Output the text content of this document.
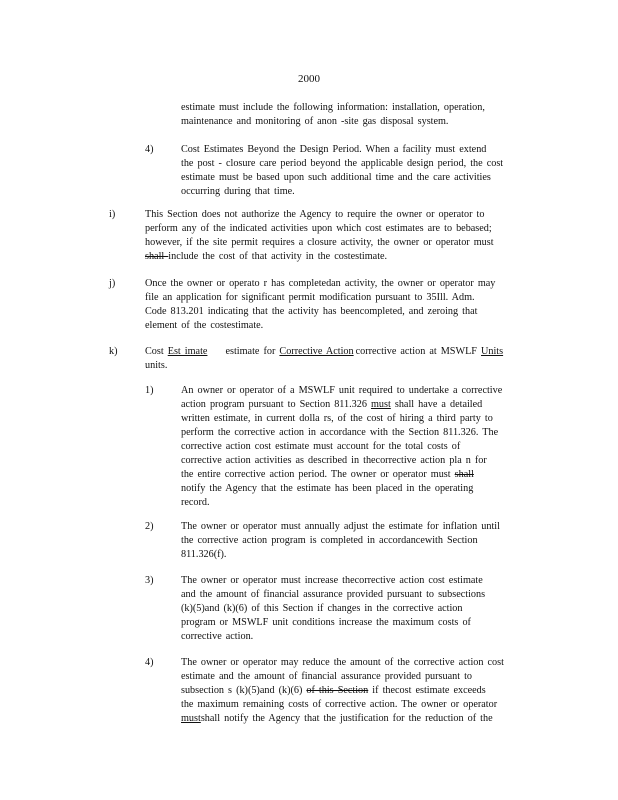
2000
estimate must include the following information: installation, operation,
maintenance and monitoring of anon -site gas disposal system.
4)	Cost Estimates Beyond the Design Period. When a facility must extend
the post - closure care period beyond the applicable design period, the cost
estimate must be based upon such additional time and the care activities
occurring during that time.
i)	This Section does not authorize the Agency to require the owner or operator to
perform any of the indicated activities upon which cost estimates are to bebased;
however, if the site permit requires a closure activity, the owner or operator must
shall include the cost of that activity in the costestimate.
j)	Once the owner or operato r has completedan activity, the owner or operator may
file an application for significant permit modification pursuant to 35Ill. Adm.
Code 813.201 indicating that the activity has beencompleted, and zeroing that
element of the costestimate.
k)	Cost Est imate estimate for Corrective Action corrective action at MSWLF Units
units.
1)	An owner or operator of a MSWLF unit required to undertake a corrective
action program pursuant to Section 811.326 must shall have a detailed
written estimate, in current dolla rs, of the cost of hiring a third party to
perform the corrective action in accordance with the Section 811.326. The
corrective action cost estimate must account for the total costs of
corrective action activities as described in thecorrective action pla n for
the entire corrective action period. The owner or operator must shall
notify the Agency that the estimate has been placed in the operating
record.
2)	The owner or operator must annually adjust the estimate for inflation until
the corrective action program is completed in accordancewith Section
811.326(f).
3)	The owner or operator must increase thecorrective action cost estimate
and the amount of financial assurance provided pursuant to subsections
(k)(5)and (k)(6) of this Section if changes in the corrective action
program or MSWLF unit conditions increase the maximum costs of
corrective action.
4)	The owner or operator may reduce the amount of the corrective action cost
estimate and the amount of financial assurance provided pursuant to
subsection s (k)(5)and (k)(6) of this Section if thecost estimate exceeds
the maximum remaining costs of corrective action. The owner or operator
mustshall notify the Agency that the justification for the reduction of the
